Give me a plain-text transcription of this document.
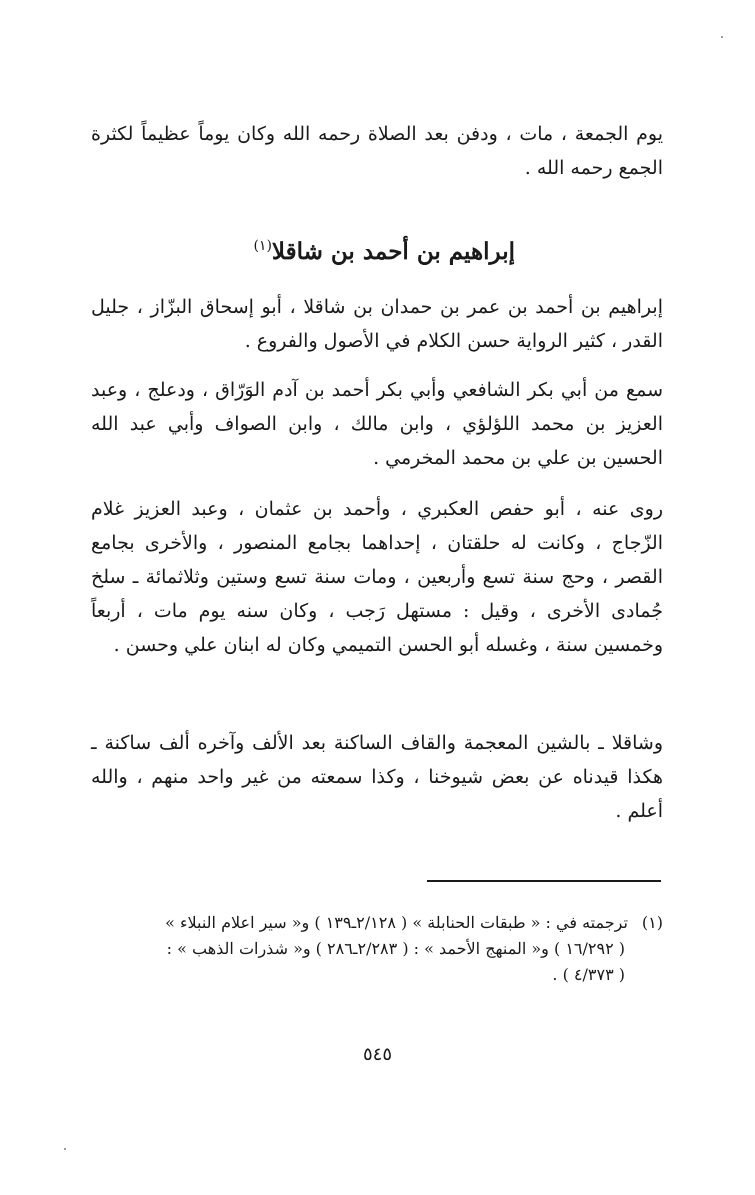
يوم الجمعة ، مات ، ودفن بعد الصلاة رحمه الله وكان يوماً عظيماً لكثرة الجمع رحمه الله .

إبراهيم بن أحمد بن شاقلا$^{(١)}$

إبراهيم بن أحمد بن عمر بن حمدان بن شاقلا ، أبو إسحاق البزّاز ، جليل القدر ، كثير الرواية حسن الكلام في الأصول والفروع .

سمع من أبي بكر الشافعي وأبي بكر أحمد بن آدم الوَرّاق ، ودعلج ، وعبد العزيز بن محمد اللؤلؤي ، وابن مالك ، وابن الصواف وأبي عبد الله الحسين بن علي بن محمد المخرمي .

روى عنه ، أبو حفص العكبري ، وأحمد بن عثمان ، وعبد العزيز غلام الزّجاج ، وكانت له حلقتان ، إحداهما بجامع المنصور ، والأخرى بجامع القصر ، وحج سنة تسع وأربعين ، ومات سنة تسع وستين وثلاثمائة ـ سلخ جُمادى الأخرى ، وقيل : مستهل رَجب ، وكان سنه يوم مات ، أربعاً وخمسين سنة ، وغسله أبو الحسن التميمي وكان له ابنان علي وحسن .

وشاقلا ـ بالشين المعجمة والقاف الساكنة بعد الألف وآخره ألف ساكنة ـ هكذا قيدناه عن بعض شيوخنا ، وكذا سمعته من غير واحد منهم ، والله أعلم .

(١)ترجمته في : « طبقات الحنابلة » ( ٢/١٢٨ـ١٣٩ ) و« سير اعلام النبلاء »
( ١٦/٢٩٢ ) و« المنهج الأحمد » : ( ٢/٢٨٣ـ٢٨٦ ) و« شذرات الذهب » :
( ٤/٣٧٣ ) .
٥٤٥
